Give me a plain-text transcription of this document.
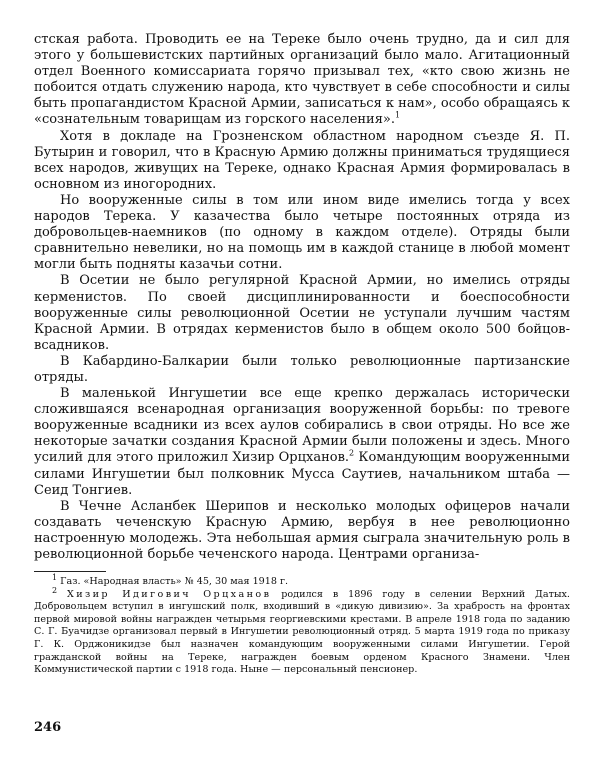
стская работа. Проводить ее на Тереке было очень трудно, да и сил для этого у большевистских партийных организаций было мало. Агитационный отдел Военного комиссариата горячо призывал тех, «кто свою жизнь не побоится отдать служению народа, кто чувствует в себе способности и силы быть пропагандистом Красной Армии, записаться к нам», особо обращаясь к «сознательным товарищам из горского населения».$^1$

Хотя в докладе на Грозненском областном народном съезде Я. П. Бутырин и говорил, что в Красную Армию должны приниматься трудящиеся всех народов, живущих на Тереке, однако Красная Армия формировалась в основном из иногородних.

Но вооруженные силы в том или ином виде имелись тогда у всех народов Терека. У казачества было четыре постоянных отряда из добровольцев-наемников (по одному в каждом отделе). Отряды были сравнительно невелики, но на помощь им в каждой станице в любой момент могли быть подняты казачьи сотни.

В Осетии не было регулярной Красной Армии, но имелись отряды керменистов. По своей дисциплинированности и боеспособности вооруженные силы революционной Осетии не уступали лучшим частям Красной Армии. В отрядах керменистов было в общем около 500 бойцов-всадников.

В Кабардино-Балкарии были только революционные партизанские отряды.

В маленькой Ингушетии все еще крепко держалась исторически сложившаяся всенародная организация вооруженной борьбы: по тревоге вооруженные всадники из всех аулов собирались в свои отряды. Но все же некоторые зачатки создания Красной Армии были положены и здесь. Много усилий для этого приложил Хизир Орцханов.$^2$ Командующим вооруженными силами Ингушетии был полковник Мусса Саутиев, начальником штаба — Сеид Тонгиев.

В Чечне Асланбек Шерипов и несколько молодых офицеров начали создавать чеченскую Красную Армию, вербуя в нее революционно настроенную молодежь. Эта небольшая армия сыграла значительную роль в революционной борьбе чеченского народа. Центрами организа-

$^1$ Газ. «Народная власть» № 45, 30 мая 1918 г.

$^2$ Хизир Идигович Орцханов родился в 1896 году в селении Верхний Датых. Добровольцем вступил в ингушский полк, входивший в «дикую дивизию». За храбрость на фронтах первой мировой войны награжден четырьмя георгиевскими крестами. В апреле 1918 года по заданию С. Г. Буачидзе организовал первый в Ингушетии революционный отряд. 5 марта 1919 года по приказу Г. К. Орджоникидзе был назначен командующим вооруженными силами Ингушетии. Герой гражданской войны на Тереке, награжден боевым орденом Красного Знамени. Член Коммунистической партии с 1918 года. Ныне — персональный пенсионер.

246
